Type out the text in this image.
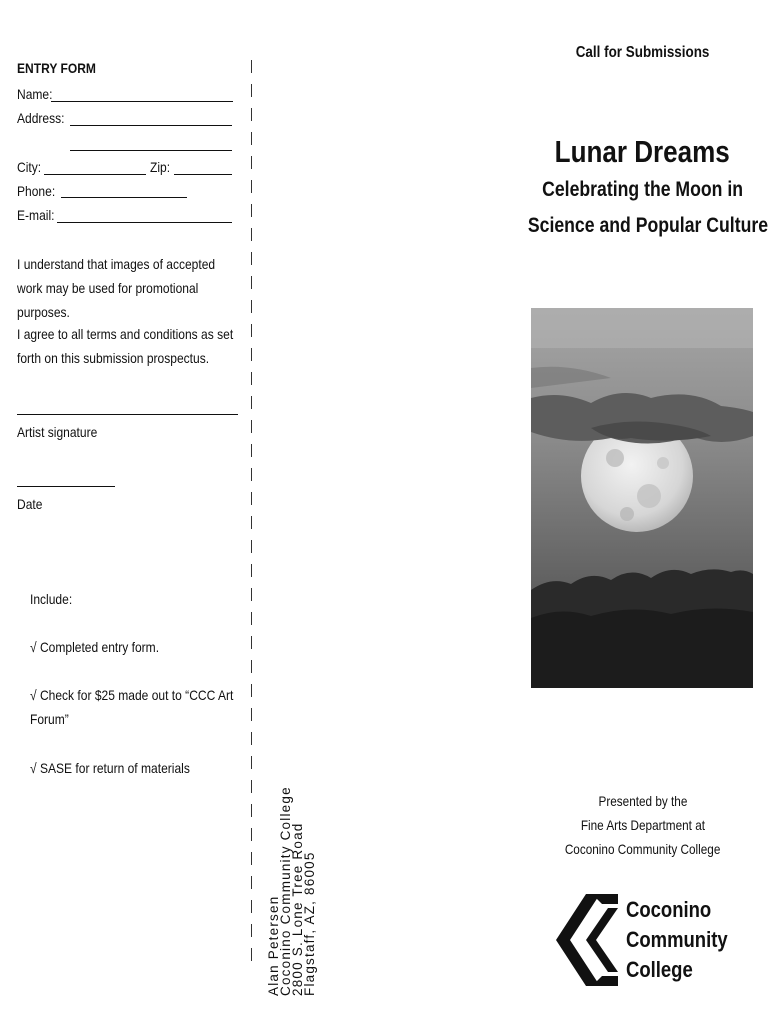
ENTRY FORM
Name:
Address:
City:	Zip:
Phone:
E-mail:
I understand that images of accepted work may be used for promotional purposes.
I agree to all terms and conditions as set forth on this submission prospectus.
Artist signature
Date
Include:
√ Completed entry form.
√ Check for $25 made out to “CCC Art Forum”
√ SASE for return of materials
Alan Petersen
Coconino Community College
2800 S. Lone Tree Road
Flagstaff, AZ, 86005
Call for Submissions
Lunar Dreams
Celebrating the Moon in
Science and Popular Culture
Presented by the
Fine Arts Department at
Coconino Community College
Coconino
Community
College
